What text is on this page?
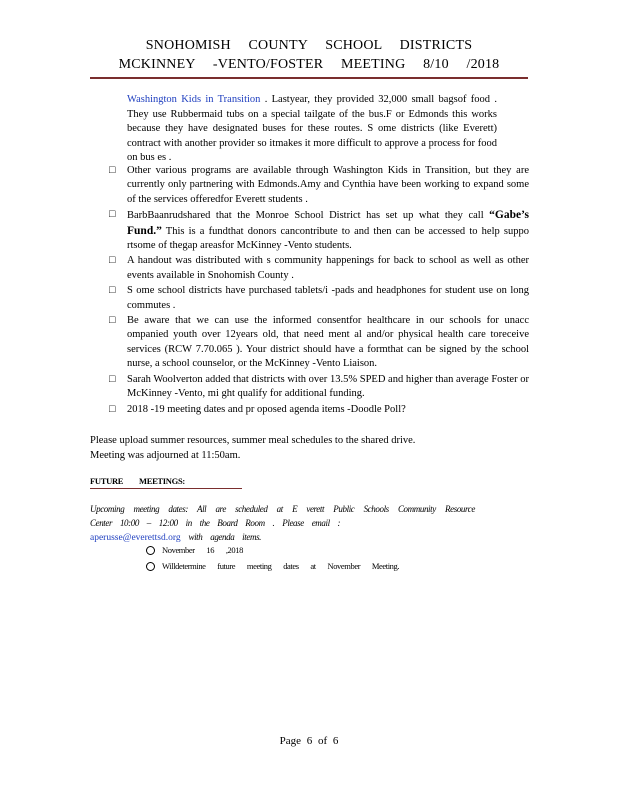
SNOHOMISH COUNTY SCHOOL DISTRICTS
MCKINNEY -VENTO/FOSTER MEETING 8/10 /2018
Washington Kids in Transition . Lastyear, they provided 32,000 small bagsof food . They use Rubbermaid tubs on a special tailgate of the bus.F or Edmonds this works because they have designated buses for these routes. S ome districts (like Everett) contract with another provider so itmakes it more difficult to approve a process for food on bus es .
□	Other various programs are available through Washington Kids in Transition, but they are currently only partnering with Edmonds.Amy and Cynthia have been working to expand some of the services offeredfor Everett students .
□	BarbBaanrudshared that the Monroe School District has set up what they call “Gabe’s Fund.” This is a fundthat donors cancontribute to and then can be accessed to help suppo rtsome of thegap areasfor McKinney -Vento students.
□	A handout was distributed with s community happenings for back to school as well as other events available in Snohomish County .
□	S ome school districts have purchased tablets/i -pads and headphones for student use on long commutes .
□	Be aware that we can use the informed consentfor healthcare in our schools for unacc ompanied youth over 12years old, that need ment al and/or physical health care toreceive services (RCW 7.70.065 ). Your district should have a formthat can be signed by the school nurse, a school counselor, or the McKinney -Vento Liaison.
□	Sarah Woolverton added that districts with over 13.5% SPED and higher than average Foster or McKinney -Vento, mi ght qualify for additional funding.
□	2018 -19 meeting dates and pr oposed agenda items -Doodle Poll?
Please upload summer resources, summer meal schedules to the shared drive.
Meeting was adjourned at 11:50am.
FUTURE MEETINGS:
Upcoming meeting dates: All are scheduled at E verett Public Schools Community Resource Center 10:00 – 12:00 in the Board Room . Please email :
aperusse@everettsd.org with agenda items.
November 16 ,2018
Willdetermine future meeting dates at November Meeting.
Page 6 of 6
